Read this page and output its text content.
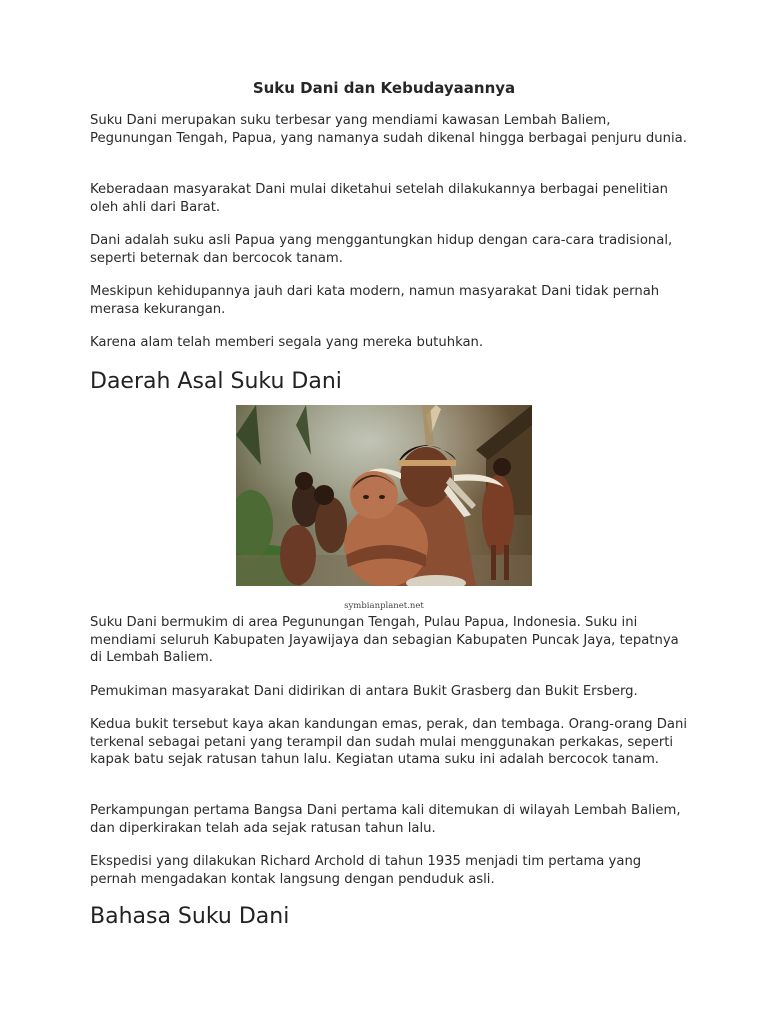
Suku Dani dan Kebudayaannya

Suku Dani merupakan suku terbesar yang mendiami kawasan Lembah Baliem, Pegunungan Tengah, Papua, yang namanya sudah dikenal hingga berbagai penjuru dunia.

Keberadaan masyarakat Dani mulai diketahui setelah dilakukannya berbagai penelitian oleh ahli dari Barat.

Dani adalah suku asli Papua yang menggantungkan hidup dengan cara-cara tradisional, seperti beternak dan bercocok tanam.

Meskipun kehidupannya jauh dari kata modern, namun masyarakat Dani tidak pernah merasa kekurangan.

Karena alam telah memberi segala yang mereka butuhkan.

Daerah Asal Suku Dani
symbianplanet.net

Suku Dani bermukim di area Pegunungan Tengah, Pulau Papua, Indonesia. Suku ini mendiami seluruh Kabupaten Jayawijaya dan sebagian Kabupaten Puncak Jaya, tepatnya di Lembah Baliem.

Pemukiman masyarakat Dani didirikan di antara Bukit Grasberg dan Bukit Ersberg.

Kedua bukit tersebut kaya akan kandungan emas, perak, dan tembaga. Orang-orang Dani terkenal sebagai petani yang terampil dan sudah mulai menggunakan perkakas, seperti kapak batu sejak ratusan tahun lalu. Kegiatan utama suku ini adalah bercocok tanam.

Perkampungan pertama Bangsa Dani pertama kali ditemukan di wilayah Lembah Baliem, dan diperkirakan telah ada sejak ratusan tahun lalu.

Ekspedisi yang dilakukan Richard Archold di tahun 1935 menjadi tim pertama yang pernah mengadakan kontak langsung dengan penduduk asli.

Bahasa Suku Dani
